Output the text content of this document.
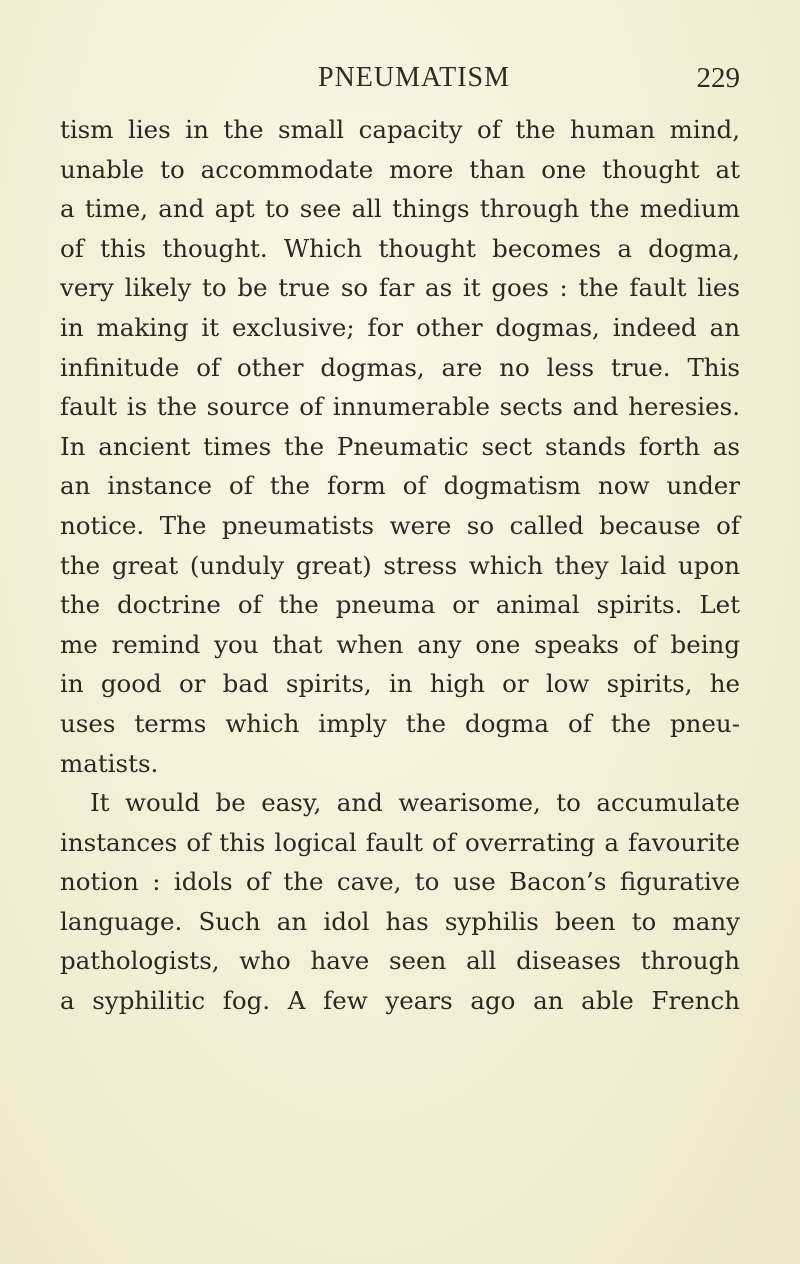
PNEUMATISM	229
tism lies in the small capacity of the human mind,
unable to accommodate more than one thought at
a time, and apt to see all things through the medium
of this thought. Which thought becomes a dogma,
very likely to be true so far as it goes : the fault lies
in making it exclusive; for other dogmas, indeed an
infinitude of other dogmas, are no less true. This
fault is the source of innumerable sects and heresies.
In ancient times the Pneumatic sect stands forth as
an instance of the form of dogmatism now under
notice. The pneumatists were so called because of
the great (unduly great) stress which they laid upon
the doctrine of the pneuma or animal spirits. Let
me remind you that when any one speaks of being
in good or bad spirits, in high or low spirits, he
uses terms which imply the dogma of the pneu-
matists.
It would be easy, and wearisome, to accumulate
instances of this logical fault of overrating a favourite
notion : idols of the cave, to use Bacon’s figurative
language. Such an idol has syphilis been to many
pathologists, who have seen all diseases through
a syphilitic fog. A few years ago an able French
